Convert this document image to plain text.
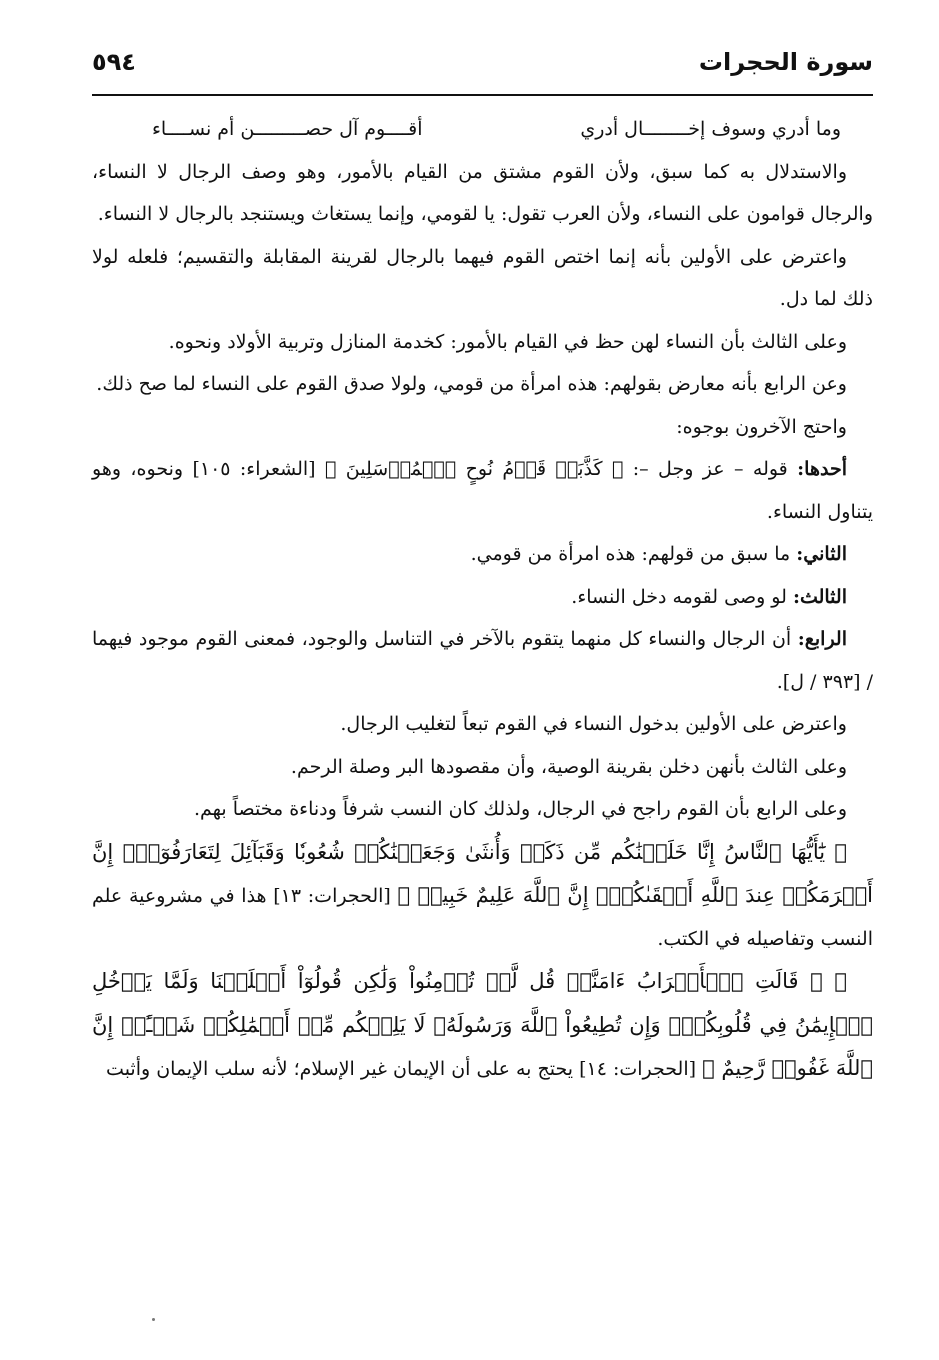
سورة الحجرات
٥٩٤
وما أدري وسوف إخــــــــال أدري
أقــــوم آل حصـــــــــن أم نســــاء

والاستدلال به كما سبق، ولأن القوم مشتق من القيام بالأمور، وهو وصف الرجال لا النساء، والرجال قوامون على النساء، ولأن العرب تقول: يا لقومي، وإنما يستغاث ويستنجد بالرجال لا النساء.

واعترض على الأولين بأنه إنما اختص القوم فيهما بالرجال لقرينة المقابلة والتقسيم؛ فلعله لولا ذلك لما دل.

وعلى الثالث بأن النساء لهن حظ في القيام بالأمور: كخدمة المنازل وتربية الأولاد ونحوه.

وعن الرابع بأنه معارض بقولهم: هذه امرأة من قومي، ولولا صدق القوم على النساء لما صح ذلك.

واحتج الآخرون بوجوه:

أحدها: قوله – عز وجل –: ﴿ كَذَّبَتۡ قَوۡمُ نُوحٍ ٱلۡمُرۡسَلِينَ ﴾ [الشعراء: ١٠٥] ونحوه، وهو يتناول النساء.

الثاني: ما سبق من قولهم: هذه امرأة من قومي.

الثالث: لو وصى لقومه دخل النساء.

الرابع: أن الرجال والنساء كل منهما يتقوم بالآخر في التناسل والوجود، فمعنى القوم موجود فيهما / [٣٩٣ / ل].

واعترض على الأولين بدخول النساء في القوم تبعاً لتغليب الرجال.

وعلى الثالث بأنهن دخلن بقرينة الوصية، وأن مقصودها البر وصلة الرحم.

وعلى الرابع بأن القوم راجح في الرجال، ولذلك كان النسب شرفاً ودناءة مختصاً بهم.

﴿ يَٰٓأَيُّهَا ٱلنَّاسُ إِنَّا خَلَقۡنَٰكُم مِّن ذَكَرٖ وَأُنثَىٰ وَجَعَلۡنَٰكُمۡ شُعُوبٗا وَقَبَآئِلَ لِتَعَارَفُوٓاْۚ إِنَّ أَكۡرَمَكُمۡ عِندَ ٱللَّهِ أَتۡقَىٰكُمۡۚ إِنَّ ٱللَّهَ عَلِيمٌ خَبِيرٞ ﴾ [الحجرات: ١٣] هذا في مشروعية علم النسب وتفاصيله في الكتب.

﴿ ۞ قَالَتِ ٱلۡأَعۡرَابُ ءَامَنَّاۖ قُل لَّمۡ تُؤۡمِنُواْ وَلَٰكِن قُولُوٓاْ أَسۡلَمۡنَا وَلَمَّا يَدۡخُلِ ٱلۡإِيمَٰنُ فِي قُلُوبِكُمۡۖ وَإِن تُطِيعُواْ ٱللَّهَ وَرَسُولَهُۥ لَا يَلِتۡكُم مِّنۡ أَعۡمَٰلِكُمۡ شَيۡـًٔاۚ إِنَّ ٱللَّهَ غَفُورٞ رَّحِيمٌ ﴾ [الحجرات: ١٤] يحتج به على أن الإيمان غير الإسلام؛ لأنه سلب الإيمان وأثبت
